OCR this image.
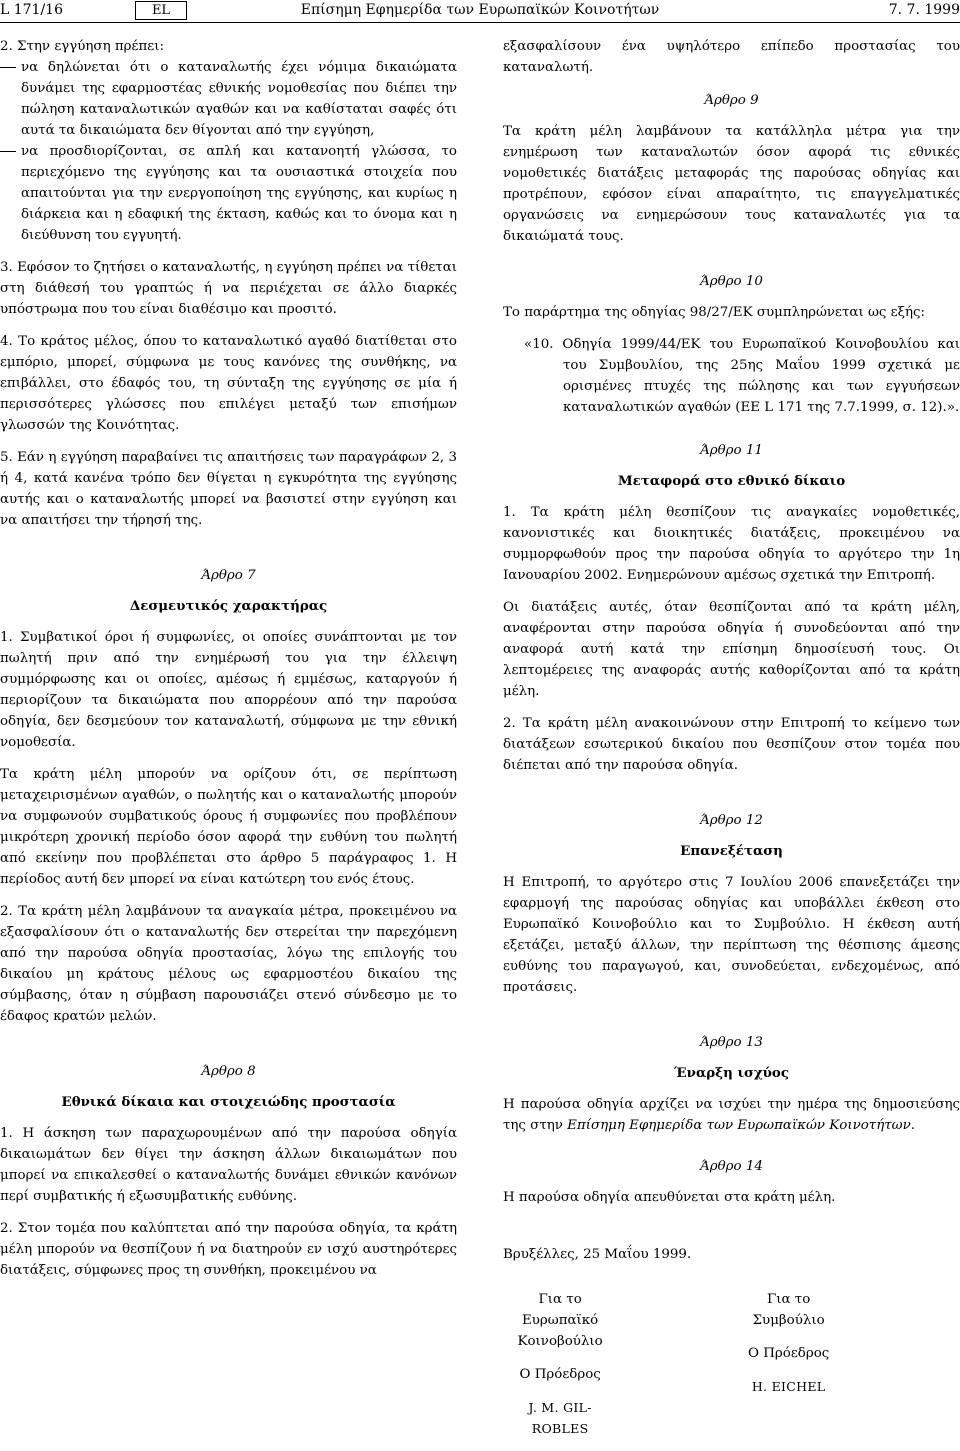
L 171/16	EL	Επίσημη Εφημερίδα των Ευρωπαϊκών Κοινοτήτων	7. 7. 1999

2. Στην εγγύηση πρέπει:

να δηλώνεται ότι ο καταναλωτής έχει νόμιμα δικαιώματα δυνάμει της εφαρμοστέας εθνικής νομοθεσίας που διέπει την πώληση καταναλωτικών αγαθών και να καθίσταται σαφές ότι αυτά τα δικαιώματα δεν θίγονται από την εγγύηση,

να προσδιορίζονται, σε απλή και κατανοητή γλώσσα, το περιεχόμενο της εγγύησης και τα ουσιαστικά στοιχεία που απαιτούνται για την ενεργοποίηση της εγγύησης, και κυρίως η διάρκεια και η εδαφική της έκταση, καθώς και το όνομα και η διεύθυνση του εγγυητή.

3. Εφόσον το ζητήσει ο καταναλωτής, η εγγύηση πρέπει να τίθεται στη διάθεσή του γραπτώς ή να περιέχεται σε άλλο διαρκές υπόστρωμα που του είναι διαθέσιμο και προσιτό.

4. Το κράτος μέλος, όπου το καταναλωτικό αγαθό διατίθεται στο εμπόριο, μπορεί, σύμφωνα με τους κανόνες της συνθήκης, να επιβάλλει, στο έδαφός του, τη σύνταξη της εγγύησης σε μία ή περισσότερες γλώσσες που επιλέγει μεταξύ των επισήμων γλωσσών της Κοινότητας.

5. Εάν η εγγύηση παραβαίνει τις απαιτήσεις των παραγράφων 2, 3 ή 4, κατά κανένα τρόπο δεν θίγεται η εγκυρότητα της εγγύησης αυτής και ο καταναλωτής μπορεί να βασιστεί στην εγγύηση και να απαιτήσει την τήρησή της.

Άρθρο 7
Δεσμευτικός χαρακτήρας

1. Συμβατικοί όροι ή συμφωνίες, οι οποίες συνάπτονται με τον πωλητή πριν από την ενημέρωσή του για την έλλειψη συμμόρφωσης και οι οποίες, αμέσως ή εμμέσως, καταργούν ή περιορίζουν τα δικαιώματα που απορρέουν από την παρούσα οδηγία, δεν δεσμεύουν τον καταναλωτή, σύμφωνα με την εθνική νομοθεσία.

Τα κράτη μέλη μπορούν να ορίζουν ότι, σε περίπτωση μεταχειρισμένων αγαθών, ο πωλητής και ο καταναλωτής μπορούν να συμφωνούν συμβατικούς όρους ή συμφωνίες που προβλέπουν μικρότερη χρονική περίοδο όσον αφορά την ευθύνη του πωλητή από εκείνην που προβλέπεται στο άρθρο 5 παράγραφος 1. Η περίοδος αυτή δεν μπορεί να είναι κατώτερη του ενός έτους.

2. Τα κράτη μέλη λαμβάνουν τα αναγκαία μέτρα, προκειμένου να εξασφαλίσουν ότι ο καταναλωτής δεν στερείται την παρεχόμενη από την παρούσα οδηγία προστασίας, λόγω της επιλογής του δικαίου μη κράτους μέλους ως εφαρμοστέου δικαίου της σύμβασης, όταν η σύμβαση παρουσιάζει στενό σύνδεσμο με το έδαφος κρατών μελών.

Άρθρο 8
Εθνικά δίκαια και στοιχειώδης προστασία

1. Η άσκηση των παραχωρουμένων από την παρούσα οδηγία δικαιωμάτων δεν θίγει την άσκηση άλλων δικαιωμάτων που μπορεί να επικαλεσθεί ο καταναλωτής δυνάμει εθνικών κανόνων περί συμβατικής ή εξωσυμβατικής ευθύνης.

2. Στον τομέα που καλύπτεται από την παρούσα οδηγία, τα κράτη μέλη μπορούν να θεσπίζουν ή να διατηρούν εν ισχύ αυστηρότερες διατάξεις, σύμφωνες προς τη συνθήκη, προκειμένου να

εξασφαλίσουν ένα υψηλότερο επίπεδο προστασίας του καταναλωτή.

Άρθρο 9

Τα κράτη μέλη λαμβάνουν τα κατάλληλα μέτρα για την ενημέρωση των καταναλωτών όσον αφορά τις εθνικές νομοθετικές διατάξεις μεταφοράς της παρούσας οδηγίας και προτρέπουν, εφόσον είναι απαραίτητο, τις επαγγελματικές οργανώσεις να ενημερώσουν τους καταναλωτές για τα δικαιώματά τους.

Άρθρο 10

Το παράρτημα της οδηγίας 98/27/ΕΚ συμπληρώνεται ως εξής:

«10. Οδηγία 1999/44/ΕΚ του Ευρωπαϊκού Κοινοβουλίου και του Συμβουλίου, της 25ης Μαΐου 1999 σχετικά με ορισμένες πτυχές της πώλησης και των εγγυήσεων καταναλωτικών αγαθών (ΕΕ L 171 της 7.7.1999, σ. 12).».

Άρθρο 11
Μεταφορά στο εθνικό δίκαιο

1. Τα κράτη μέλη θεσπίζουν τις αναγκαίες νομοθετικές, κανονιστικές και διοικητικές διατάξεις, προκειμένου να συμμορφωθούν προς την παρούσα οδηγία το αργότερο την 1η Ιανουαρίου 2002. Ενημερώνουν αμέσως σχετικά την Επιτροπή.

Οι διατάξεις αυτές, όταν θεσπίζονται από τα κράτη μέλη, αναφέρονται στην παρούσα οδηγία ή συνοδεύονται από την αναφορά αυτή κατά την επίσημη δημοσίευσή τους. Οι λεπτομέρειες της αναφοράς αυτής καθορίζονται από τα κράτη μέλη.

2. Τα κράτη μέλη ανακοινώνουν στην Επιτροπή το κείμενο των διατάξεων εσωτερικού δικαίου που θεσπίζουν στον τομέα που διέπεται από την παρούσα οδηγία.

Άρθρο 12
Επανεξέταση

Η Επιτροπή, το αργότερο στις 7 Ιουλίου 2006 επανεξετάζει την εφαρμογή της παρούσας οδηγίας και υποβάλλει έκθεση στο Ευρωπαϊκό Κοινοβούλιο και το Συμβούλιο. Η έκθεση αυτή εξετάζει, μεταξύ άλλων, την περίπτωση της θέσπισης άμεσης ευθύνης του παραγωγού, και, συνοδεύεται, ενδεχομένως, από προτάσεις.

Άρθρο 13
Έναρξη ισχύος

Η παρούσα οδηγία αρχίζει να ισχύει την ημέρα της δημοσιεύσης της στην Επίσημη Εφημερίδα των Ευρωπαϊκών Κοινοτήτων.

Άρθρο 14

Η παρούσα οδηγία απευθύνεται στα κράτη μέλη.

Βρυξέλλες, 25 Μαΐου 1999.

Για το Ευρωπαϊκό Κοινοβούλιο
Ο Πρόεδρος
J. M. GIL-ROBLES
Για το Συμβούλιο
Ο Πρόεδρος
H. EICHEL
